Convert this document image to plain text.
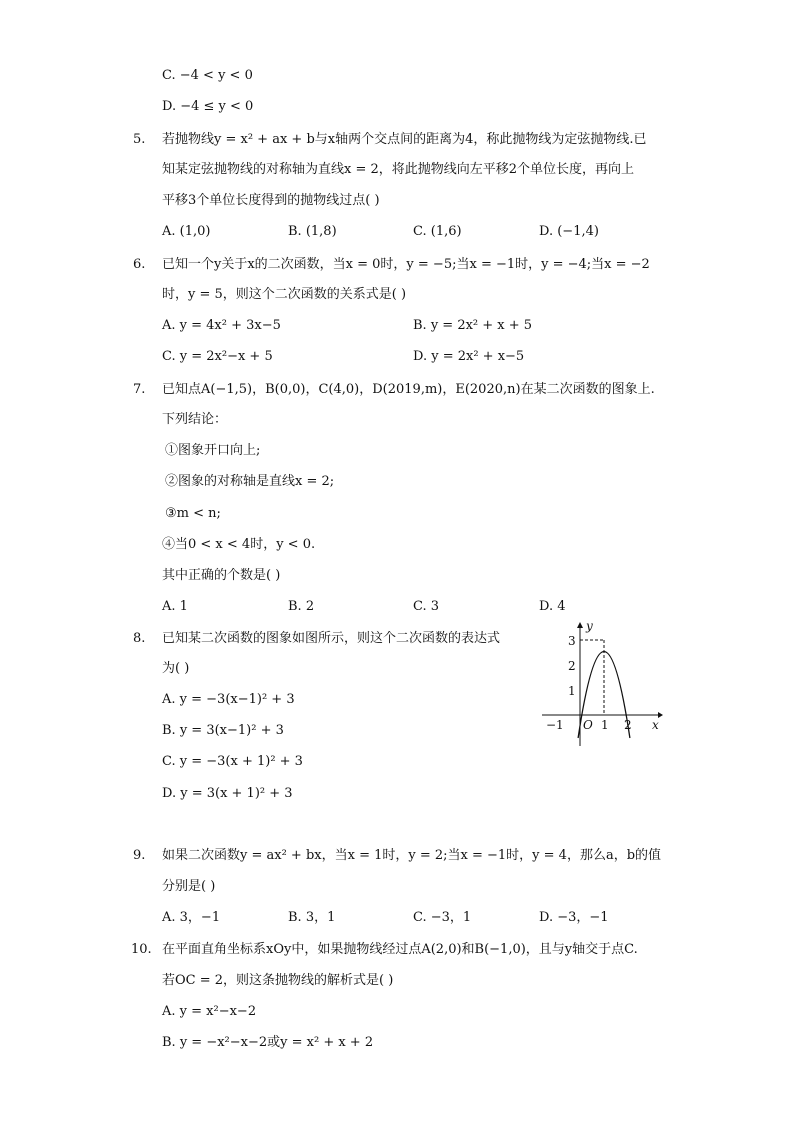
C. −4 < y < 0
D. −4 ≤ y < 0
5. 若抛物线y = x² + ax + b与x轴两个交点间的距离为4，称此抛物线为定弦抛物线.已
知某定弦抛物线的对称轴为直线x = 2，将此抛物线向左平移2个单位长度，再向上
平移3个单位长度得到的抛物线过点( )
A. (1,0)	B. (1,8)	C. (1,6)	D. (−1,4)
6. 已知一个y关于x的二次函数，当x = 0时，y = −5;当x = −1时，y = −4;当x = −2
时，y = 5，则这个二次函数的关系式是( )
A. y = 4x² + 3x−5	B. y = 2x² + x + 5
C. y = 2x²−x + 5	D. y = 2x² + x−5
7. 已知点A(−1,5)，B(0,0)，C(4,0)，D(2019,m)，E(2020,n)在某二次函数的图象上.
下列结论：
①图象开口向上;
②图象的对称轴是直线x = 2;
③m < n;
④当0 < x < 4时，y < 0.
其中正确的个数是( )
A. 1	B. 2	C. 3	D. 4
8. 已知某二次函数的图象如图所示，则这个二次函数的表达式
为( )
A. y = −3(x−1)² + 3
B. y = 3(x−1)² + 3
C. y = −3(x + 1)² + 3
D. y = 3(x + 1)² + 3
y
x
O
3
2
1
−1	1 2
9. 如果二次函数y = ax² + bx，当x = 1时，y = 2;当x = −1时，y = 4，那么a，b的值
分别是( )
A. 3，−1	B. 3，1	C. −3，1	D. −3，−1
10. 在平面直角坐标系xOy中，如果抛物线经过点A(2,0)和B(−1,0)，且与y轴交于点C.
若OC = 2，则这条抛物线的解析式是( )
A. y = x²−x−2
B. y = −x²−x−2或y = x² + x + 2
